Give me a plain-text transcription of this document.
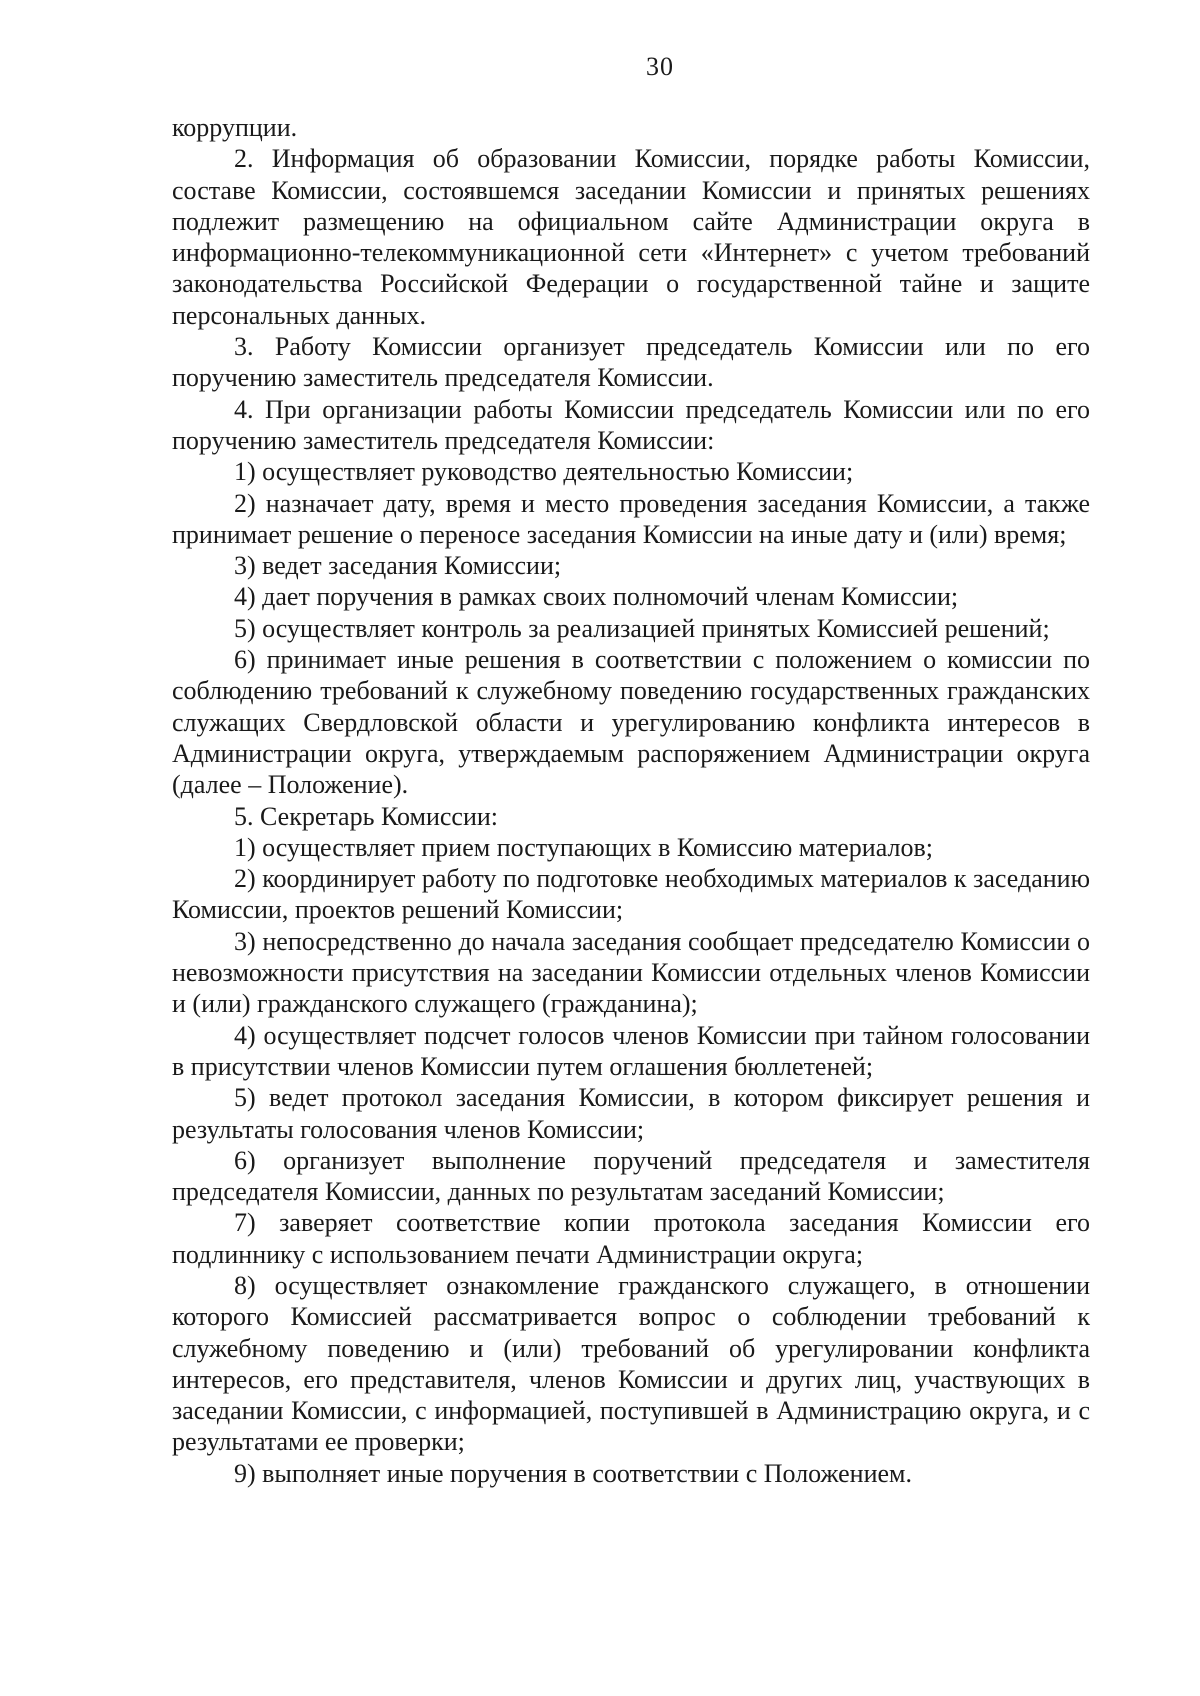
30

коррупции.

2. Информация об образовании Комиссии, порядке работы Комиссии, составе Комиссии, состоявшемся заседании Комиссии и принятых решениях подлежит размещению на официальном сайте Администрации округа в информационно-телекоммуникационной сети «Интернет» с учетом требований законодательства Российской Федерации о государственной тайне и защите персональных данных.

3. Работу Комиссии организует председатель Комиссии или по его поручению заместитель председателя Комиссии.

4. При организации работы Комиссии председатель Комиссии или по его поручению заместитель председателя Комиссии:

1) осуществляет руководство деятельностью Комиссии;

2) назначает дату, время и место проведения заседания Комиссии, а также принимает решение о переносе заседания Комиссии на иные дату и (или) время;

3) ведет заседания Комиссии;

4) дает поручения в рамках своих полномочий членам Комиссии;

5) осуществляет контроль за реализацией принятых Комиссией решений;

6) принимает иные решения в соответствии с положением о комиссии по соблюдению требований к служебному поведению государственных гражданских служащих Свердловской области и урегулированию конфликта интересов в Администрации округа, утверждаемым распоряжением Администрации округа (далее – Положение).

5. Секретарь Комиссии:

1) осуществляет прием поступающих в Комиссию материалов;

2) координирует работу по подготовке необходимых материалов к заседанию Комиссии, проектов решений Комиссии;

3) непосредственно до начала заседания сообщает председателю Комиссии о невозможности присутствия на заседании Комиссии отдельных членов Комиссии и (или) гражданского служащего (гражданина);

4) осуществляет подсчет голосов членов Комиссии при тайном голосовании в присутствии членов Комиссии путем оглашения бюллетеней;

5) ведет протокол заседания Комиссии, в котором фиксирует решения и результаты голосования членов Комиссии;

6) организует выполнение поручений председателя и заместителя председателя Комиссии, данных по результатам заседаний Комиссии;

7) заверяет соответствие копии протокола заседания Комиссии его подлиннику с использованием печати Администрации округа;

8) осуществляет ознакомление гражданского служащего, в отношении которого Комиссией рассматривается вопрос о соблюдении требований к служебному поведению и (или) требований об урегулировании конфликта интересов, его представителя, членов Комиссии и других лиц, участвующих в заседании Комиссии, с информацией, поступившей в Администрацию округа, и с результатами ее проверки;

9) выполняет иные поручения в соответствии с Положением.
